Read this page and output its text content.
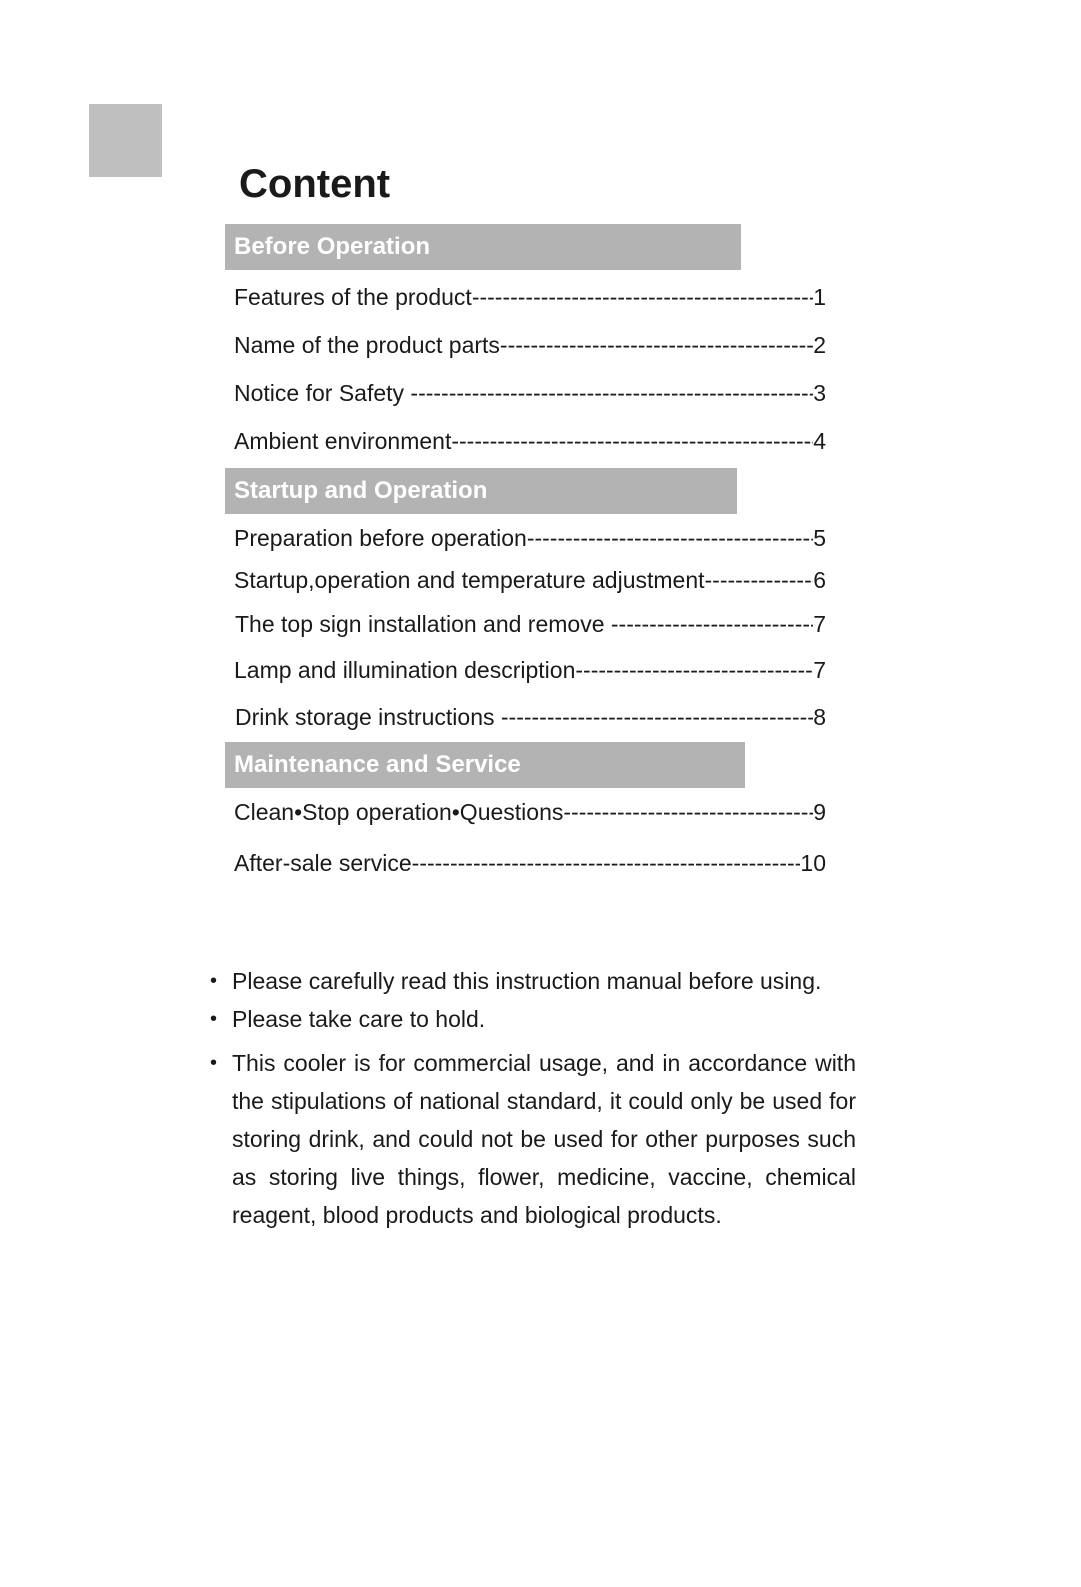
Content
Before Operation
Features of the product -----	1
Name of the product parts -----	2
Notice for Safety -----	3
Ambient environment -----	4
Startup and Operation
Preparation before operation -----	5
Startup,operation and temperature adjustment -----	6
The top sign installation and remove -----	7
Lamp and illumination description -----	7
Drink storage instructions -----	8
Maintenance and Service
Clean•Stop operation•Questions -----	9
After-sale service -----	10
• Please carefully read this instruction manual before using.
• Please take care to hold.
• This cooler is for commercial usage, and in accordance with the stipulations of national standard, it could only be used for storing drink, and could not be used for other purposes such as storing live things, flower, medicine, vaccine, chemical reagent, blood products and biological products.
